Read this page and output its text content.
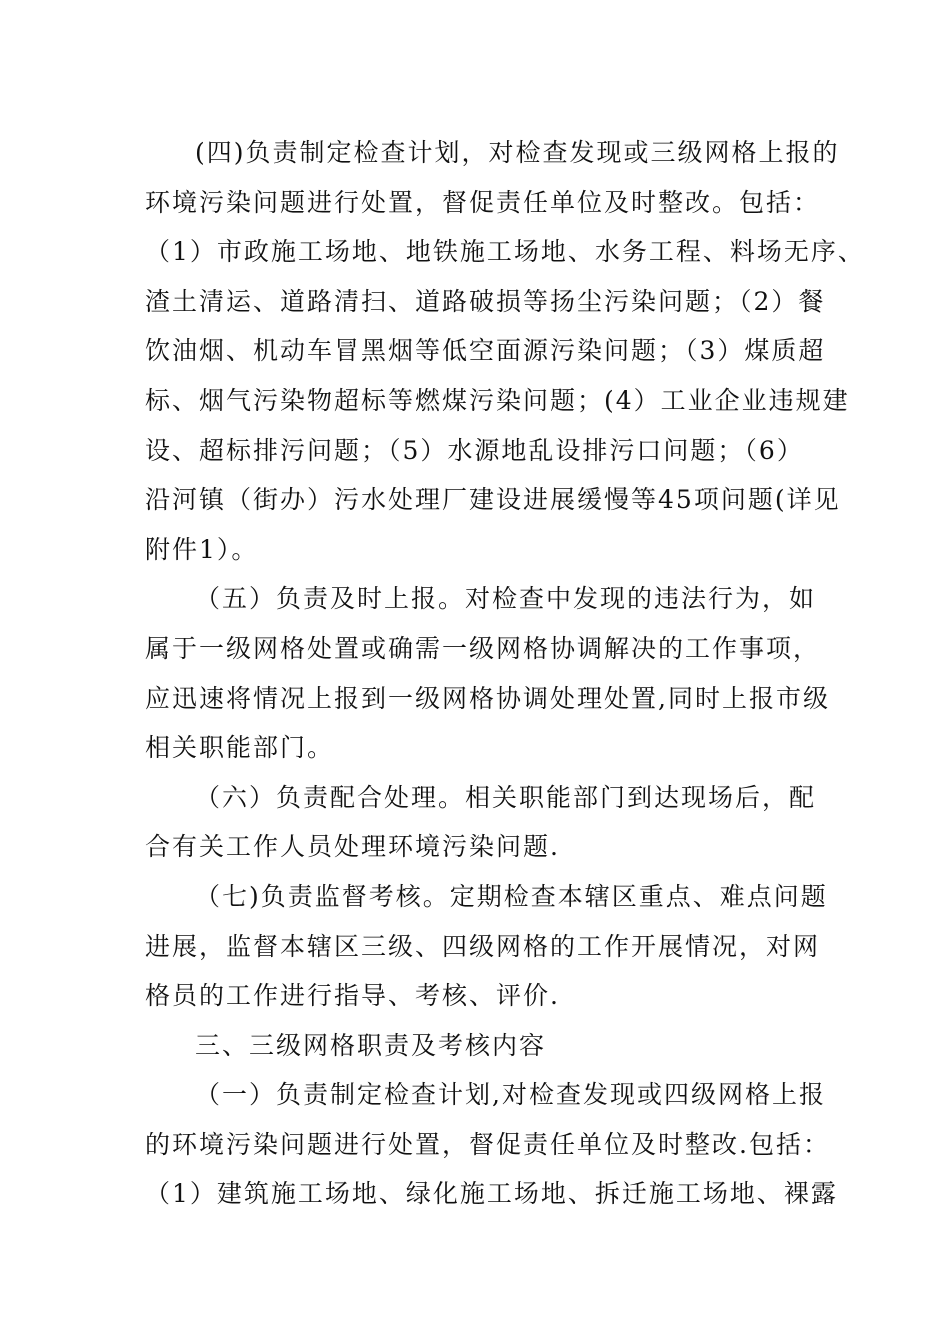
(四)负责制定检查计划，对检查发现或三级网格上报的

环境污染问题进行处置，督促责任单位及时整改。包括：

（1）市政施工场地、地铁施工场地、水务工程、料场无序、

渣土清运、道路清扫、道路破损等扬尘污染问题；（2）餐

饮油烟、机动车冒黑烟等低空面源污染问题；（3）煤质超

标、烟气污染物超标等燃煤污染问题；(4）工业企业违规建

设、超标排污问题；（5）水源地乱设排污口问题；（6）

沿河镇（街办）污水处理厂建设进展缓慢等45项问题(详见

附件1）。

（五）负责及时上报。对检查中发现的违法行为，如

属于一级网格处置或确需一级网格协调解决的工作事项，

应迅速将情况上报到一级网格协调处理处置,同时上报市级

相关职能部门。

（六）负责配合处理。相关职能部门到达现场后，配

合有关工作人员处理环境污染问题.

（七)负责监督考核。定期检查本辖区重点、难点问题

进展，监督本辖区三级、四级网格的工作开展情况，对网

格员的工作进行指导、考核、评价.

三、三级网格职责及考核内容

（一）负责制定检查计划,对检查发现或四级网格上报

的环境污染问题进行处置，督促责任单位及时整改.包括：

（1）建筑施工场地、绿化施工场地、拆迁施工场地、裸露
